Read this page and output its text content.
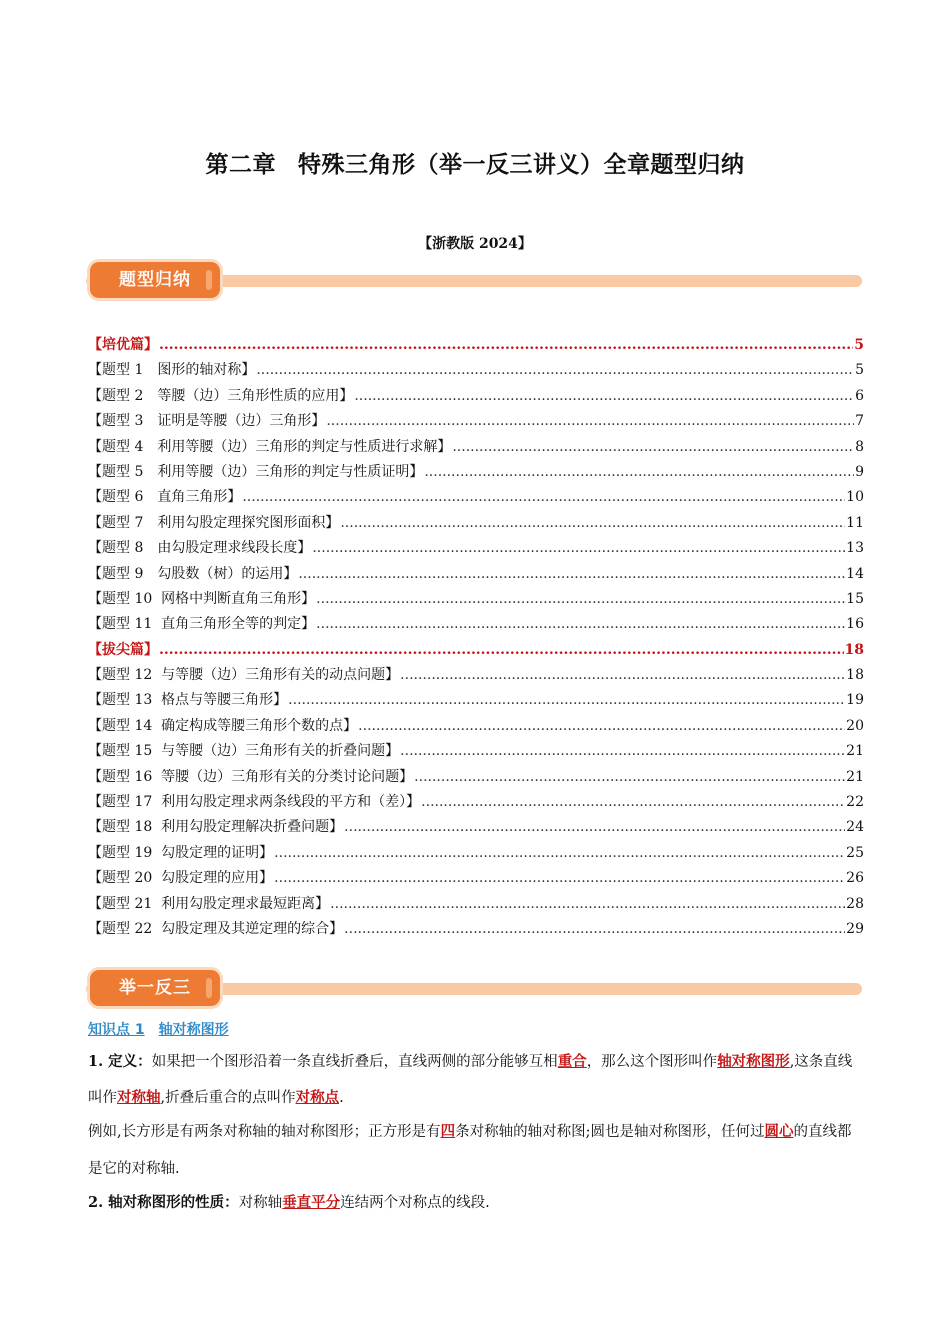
第二章 特殊三角形（举一反三讲义）全章题型归纳
【浙教版 2024】
题型归纳
【培优篇】 .....	5
【题型 1　图形的轴对称】 .....	5
【题型 2　等腰（边）三角形性质的应用】 .....	6
【题型 3　证明是等腰（边）三角形】 .....	7
【题型 4　利用等腰（边）三角形的判定与性质进行求解】 .....	8
【题型 5　利用等腰（边）三角形的判定与性质证明】 .....	9
【题型 6　直角三角形】 .....	10
【题型 7　利用勾股定理探究图形面积】 .....	11
【题型 8　由勾股定理求线段长度】 .....	13
【题型 9　勾股数（树）的运用】 .....	14
【题型 10  网格中判断直角三角形】 .....	15
【题型 11  直角三角形全等的判定】 .....	16
【拔尖篇】 .....	18
【题型 12  与等腰（边）三角形有关的动点问题】 .....	18
【题型 13  格点与等腰三角形】 .....	19
【题型 14  确定构成等腰三角形个数的点】 .....	20
【题型 15  与等腰（边）三角形有关的折叠问题】 .....	21
【题型 16  等腰（边）三角形有关的分类讨论问题】 .....	21
【题型 17  利用勾股定理求两条线段的平方和（差）】 .....	22
【题型 18  利用勾股定理解决折叠问题】 .....	24
【题型 19  勾股定理的证明】 .....	25
【题型 20  勾股定理的应用】 .....	26
【题型 21  利用勾股定理求最短距离】 .....	28
【题型 22  勾股定理及其逆定理的综合】 .....	29
举一反三
知识点 1 轴对称图形
1. 定义：如果把一个图形沿着一条直线折叠后，直线两侧的部分能够互相重合，那么这个图形叫作轴对称图形,这条直线叫作对称轴,折叠后重合的点叫作对称点.
例如,长方形是有两条对称轴的轴对称图形；正方形是有四条对称轴的轴对称图;圆也是轴对称图形，任何过圆心的直线都是它的对称轴.
2. 轴对称图形的性质：对称轴垂直平分连结两个对称点的线段.
